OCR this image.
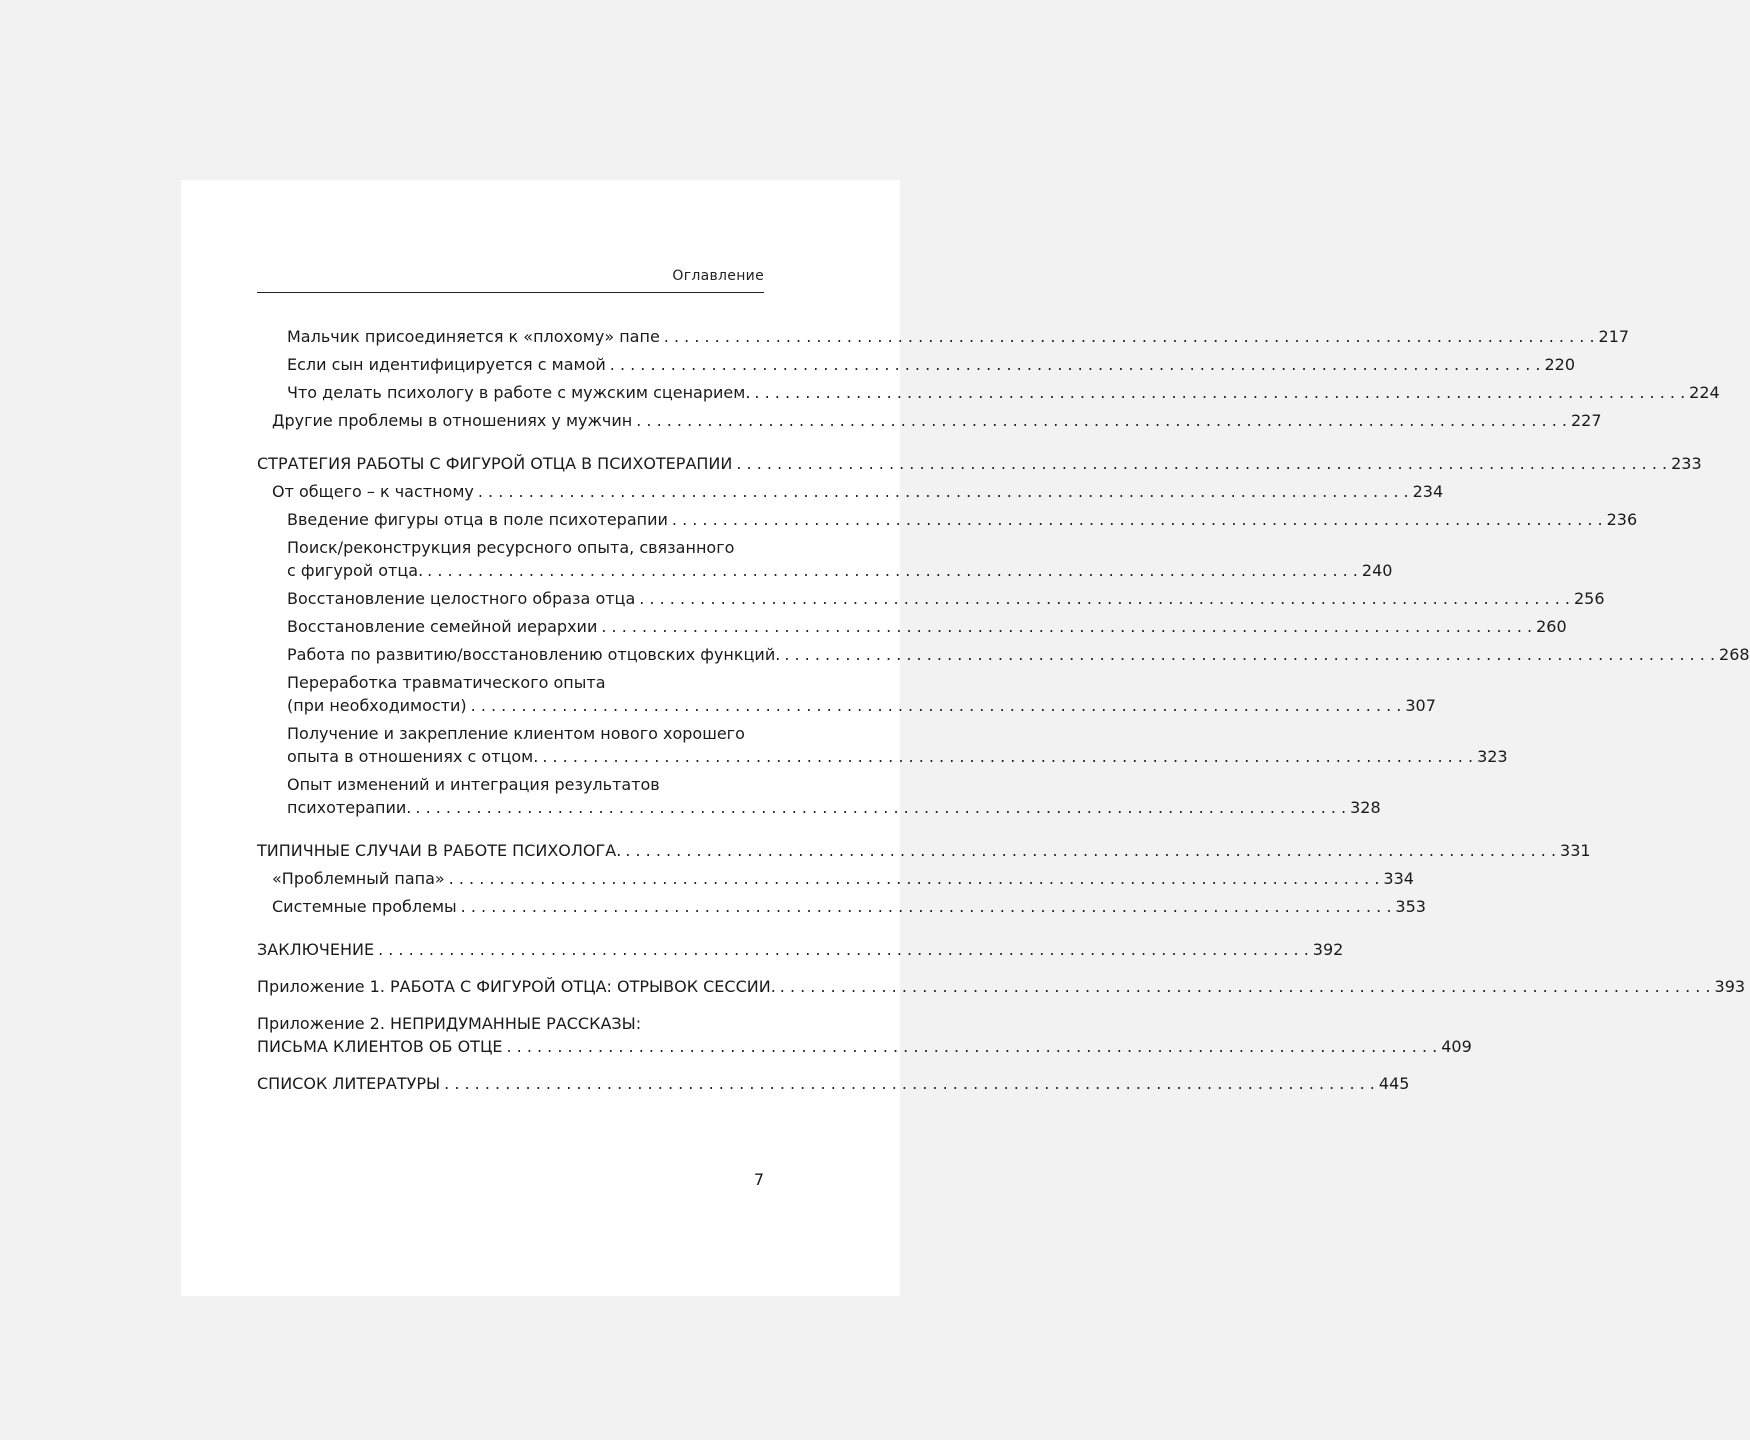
Оглавление
Мальчик присоединяется к «плохому» папе . . .	217
Если сын идентифицируется с мамой . . .	220
Что делать психологу в работе с мужским сценарием. . . .	224
Другие проблемы в отношениях у мужчин . . .	227
СТРАТЕГИЯ РАБОТЫ С ФИГУРОЙ ОТЦА В ПСИХОТЕРАПИИ . . .	233
От общего – к частному . . .	234
Введение фигуры отца в поле психотерапии . . .	236
Поиск/реконструкция ресурсного опыта, связанного
с фигурой отца. . . .	240
Восстановление целостного образа отца . . .	256
Восстановление семейной иерархии . . .	260
Работа по развитию/восстановлению отцовских функций. . . .	268
Переработка травматического опыта
(при необходимости) . . .	307
Получение и закрепление клиентом нового хорошего
опыта в отношениях с отцом. . . .	323
Опыт изменений и интеграция результатов
психотерапии. . . .	328
ТИПИЧНЫЕ СЛУЧАИ В РАБОТЕ ПСИХОЛОГА. . . .	331
«Проблемный папа» . . .	334
Системные проблемы . . .	353
ЗАКЛЮЧЕНИЕ . . .	392
Приложение 1. РАБОТА С ФИГУРОЙ ОТЦА: ОТРЫВОК СЕССИИ. . . .	393
Приложение 2. НЕПРИДУМАННЫЕ РАССКАЗЫ:
ПИСЬМА КЛИЕНТОВ ОБ ОТЦЕ . . .	409
СПИСОК ЛИТЕРАТУРЫ . . .	445
7
